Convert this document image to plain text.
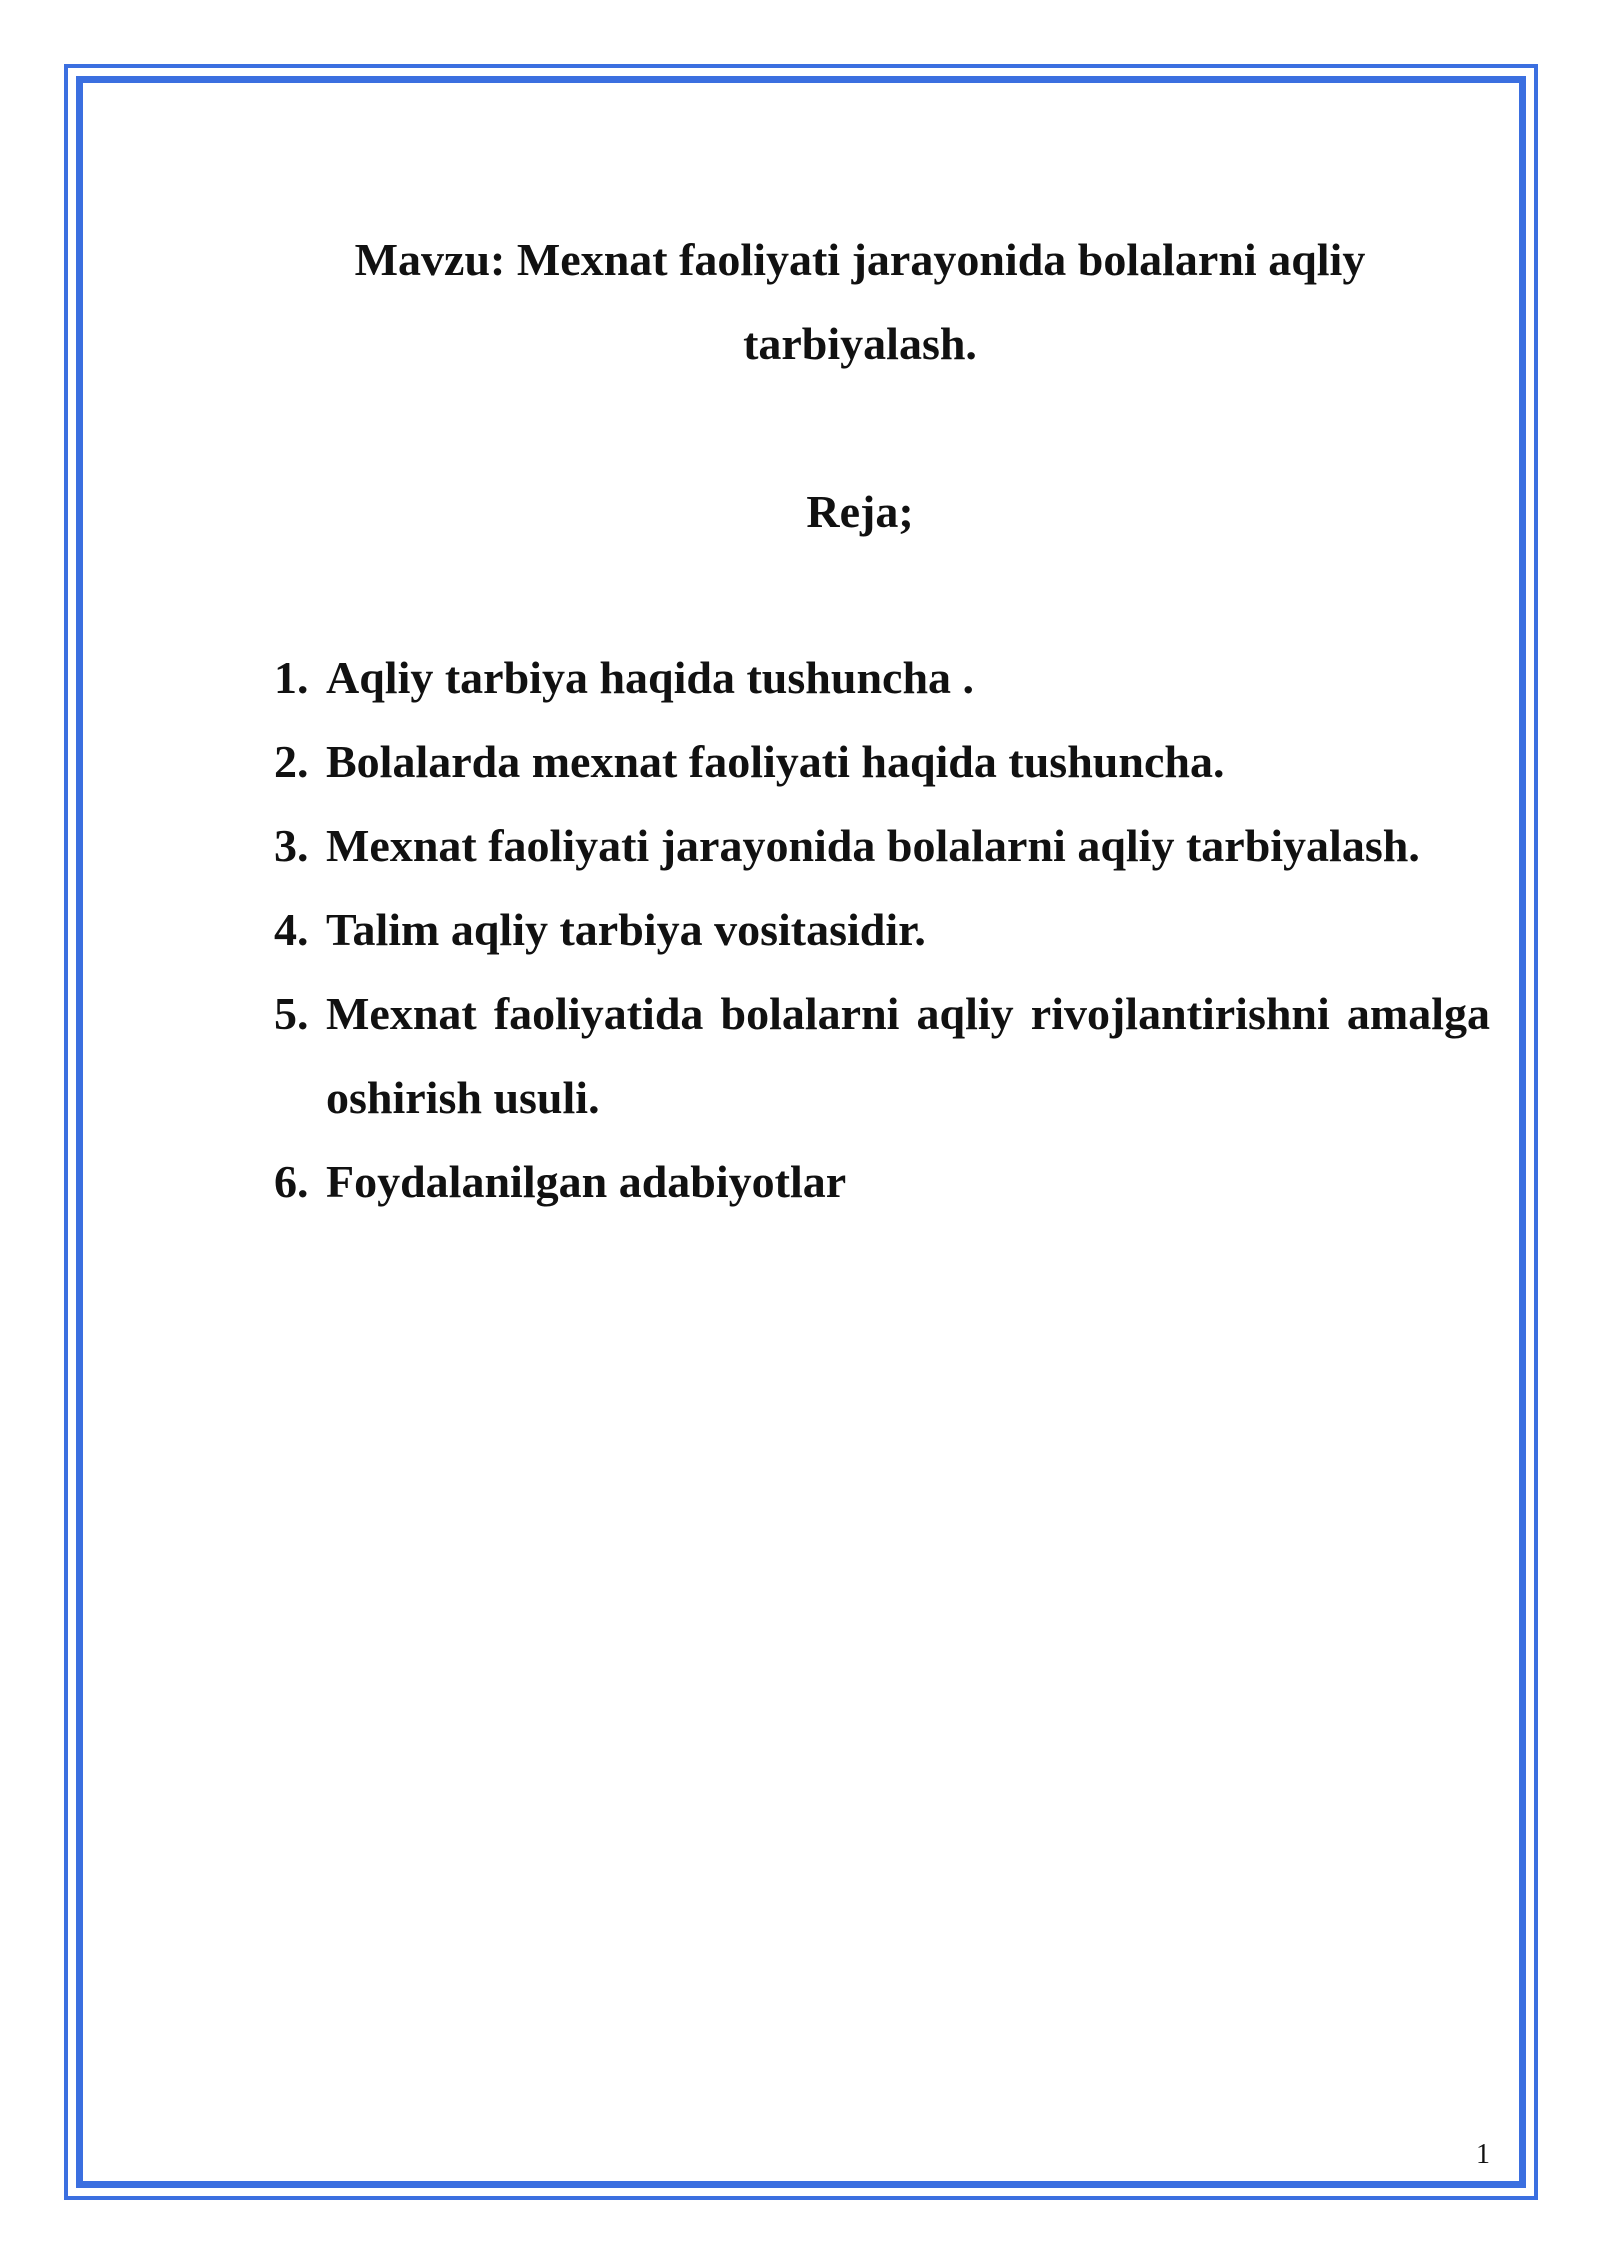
Mavzu: Mexnat faoliyati jarayonida bolalarni aqliy tarbiyalash.
Reja;
1. Aqliy tarbiya haqida tushuncha .
2. Bolalarda mexnat faoliyati haqida tushuncha.
3. Mexnat faoliyati jarayonida bolalarni aqliy tarbiyalash.
4. Talim aqliy tarbiya vositasidir.
5. Mexnat faoliyatida bolalarni aqliy rivojlantirishni amalga oshirish usuli.
6. Foydalanilgan adabiyotlar
1
